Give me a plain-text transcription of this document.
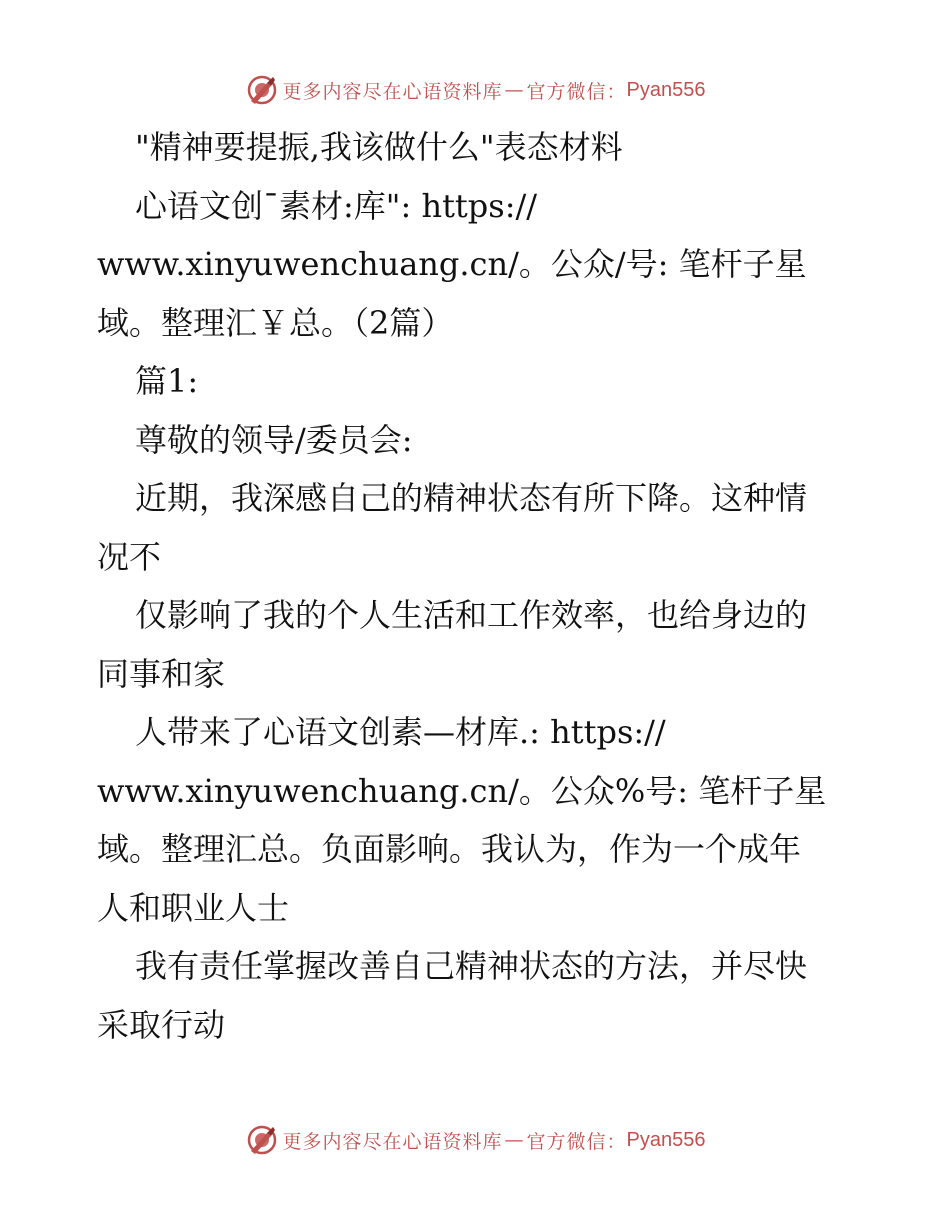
更多内容尽在心语资料库 — 官方微信： Pyan556
"精神要提振,我该做什么"表态材料
心语文创¯素材:库": https://
www.xinyuwenchuang.cn/。公众/号: 笔杆子星
域。整理汇￥总。（2篇）
篇1:
尊敬的领导/委员会:
近期，我深感自己的精神状态有所下降。这种情
况不
仅影响了我的个人生活和工作效率，也给身边的
同事和家
人带来了心语文创素—材库.: https://
www.xinyuwenchuang.cn/。公众%号: 笔杆子星
域。整理汇总。负面影响。我认为，作为一个成年
人和职业人士
我有责任掌握改善自己精神状态的方法，并尽快
采取行动
更多内容尽在心语资料库 — 官方微信： Pyan556
